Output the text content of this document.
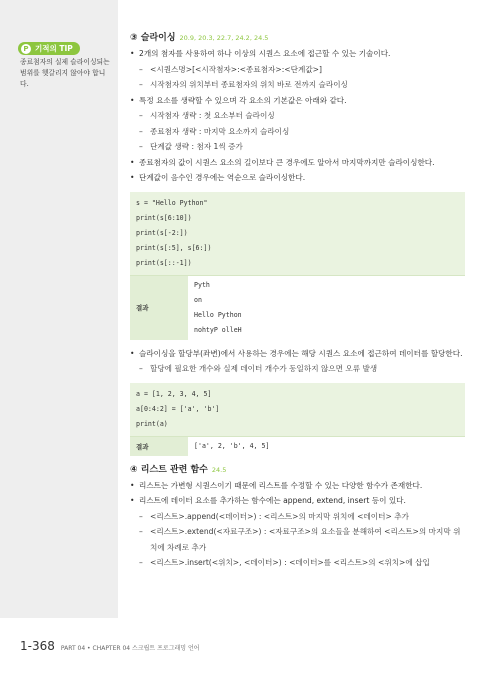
P 기적의 TIP
종료첨자의 실제 슬라이싱되는 범위를 헷갈리지 않아야 합니다.
③ 슬라이싱 20.9, 20.3, 22.7, 24.2, 24.5
• 2개의 첨자를 사용하여 하나 이상의 시퀀스 요소에 접근할 수 있는 기술이다.
– <시퀀스명>[<시작첨자>:<종료첨자>:<단계값>]
– 시작첨자의 위치부터 종료첨자의 위치 바로 전까지 슬라이싱
• 특정 요소를 생략할 수 있으며 각 요소의 기본값은 아래와 같다.
– 시작첨자 생략 : 첫 요소부터 슬라이싱
– 종료첨자 생략 : 마지막 요소까지 슬라이싱
– 단계값 생략 : 첨자 1씩 증가
• 종료첨자의 값이 시퀀스 요소의 길이보다 큰 경우에도 알아서 마지막까지만 슬라이싱한다.
• 단계값이 음수인 경우에는 역순으로 슬라이싱한다.
s = "Hello Python"
print(s[6:10])
print(s[-2:])
print(s[:5], s[6:])
print(s[::-1])
결과
Pyth
on
Hello Python
nohtyP olleH
• 슬라이싱을 할당부(좌변)에서 사용하는 경우에는 해당 시퀀스 요소에 접근하여 데이터를 할당한다.
– 할당에 필요한 개수와 실제 데이터 개수가 동일하지 않으면 오류 발생
a = [1, 2, 3, 4, 5]
a[0:4:2] = ['a', 'b']
print(a)
결과	['a', 2, 'b', 4, 5]
④ 리스트 관련 함수 24.5
• 리스트는 가변형 시퀀스이기 때문에 리스트를 수정할 수 있는 다양한 함수가 존재한다.
• 리스트에 데이터 요소를 추가하는 함수에는 append, extend, insert 등이 있다.
– <리스트>.append(<데이터>) : <리스트>의 마지막 위치에 <데이터> 추가
– <리스트>.extend(<자료구조>) : <자료구조>의 요소들을 분해하여 <리스트>의 마지막 위치에 차례로 추가
– <리스트>.insert(<위치>, <데이터>) : <데이터>를 <리스트>의 <위치>에 삽입
1-368 PART 04 • CHAPTER 04 스크립트 프로그래밍 언어
